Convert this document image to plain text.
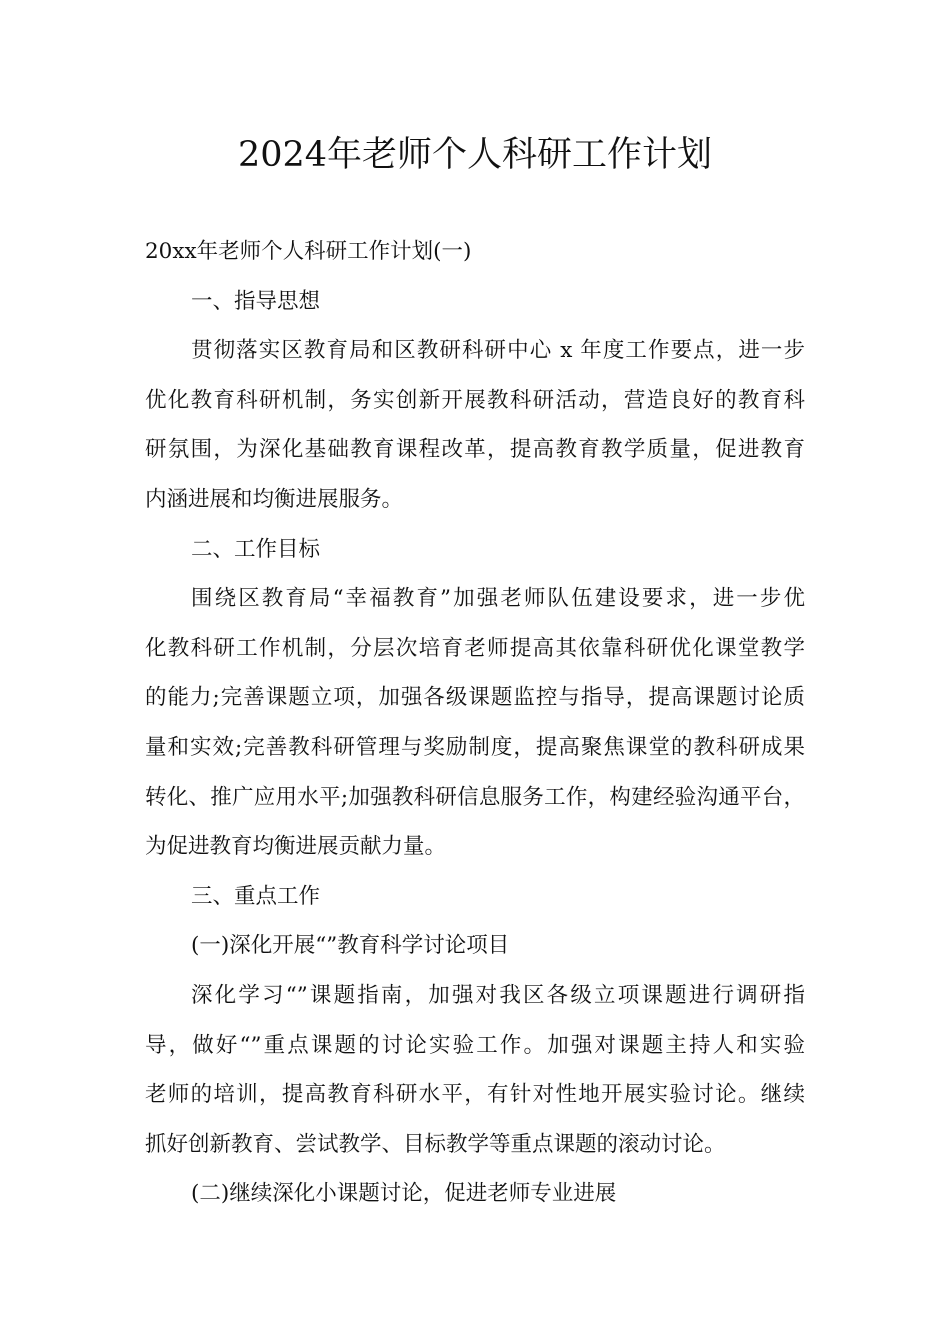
2024年老师个人科研工作计划
20xx年老师个人科研工作计划(一)
一、指导思想
贯彻落实区教育局和区教研科研中心 x 年度工作要点，进一步
优化教育科研机制，务实创新开展教科研活动，营造良好的教育科
研氛围，为深化基础教育课程改革，提高教育教学质量，促进教育
内涵进展和均衡进展服务。
二、工作目标
围绕区教育局“幸福教育”加强老师队伍建设要求，进一步优
化教科研工作机制，分层次培育老师提高其依靠科研优化课堂教学
的能力;完善课题立项，加强各级课题监控与指导，提高课题讨论质
量和实效;完善教科研管理与奖励制度，提高聚焦课堂的教科研成果
转化、推广应用水平;加强教科研信息服务工作，构建经验沟通平台，
为促进教育均衡进展贡献力量。
三、重点工作
(一)深化开展“”教育科学讨论项目
深化学习“”课题指南，加强对我区各级立项课题进行调研指
导，做好“”重点课题的讨论实验工作。加强对课题主持人和实验
老师的培训，提高教育科研水平，有针对性地开展实验讨论。继续
抓好创新教育、尝试教学、目标教学等重点课题的滚动讨论。
(二)继续深化小课题讨论，促进老师专业进展
